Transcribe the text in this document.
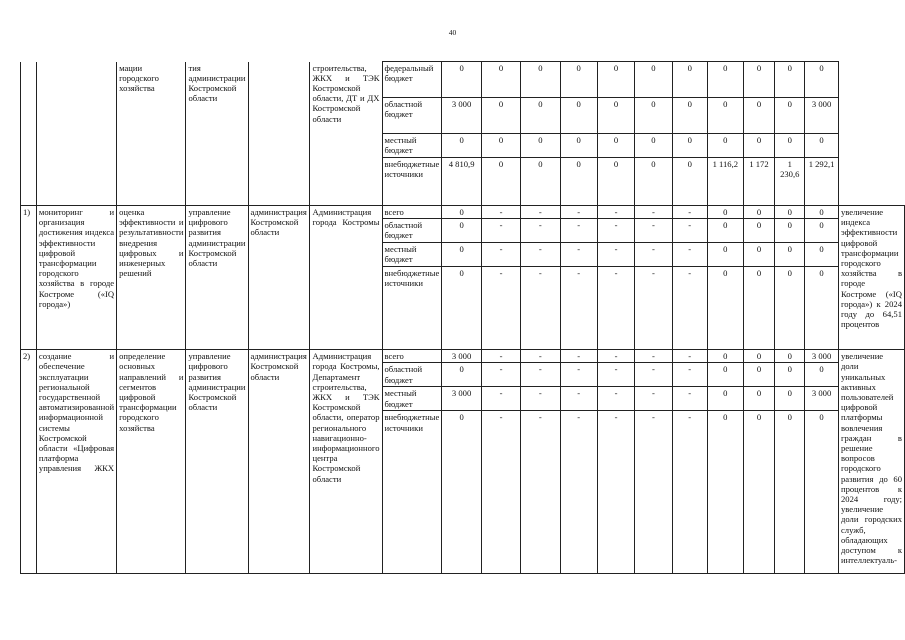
40
		мации городского хозяйства	тия администрации Костромской области		строительства, ЖКХ и ТЭК Костромской области, ДТ и ДХ Костромской области	федеральный бюджет	0	0	0	0	0	0	0	0	0	0	0	
						областной бюджет	3 000	0	0	0	0	0	0	0	0	0	3 000	
						местный бюджет	0	0	0	0	0	0	0	0	0	0	0	
						внебюджетные источники	4 810,9	0	0	0	0	0	0	1 116,2	1 172	1 230,6	1 292,1	
1)	мониторинг и организация достижения индекса эффективности цифровой трансформации городского хозяйства в городе Костроме («IQ города»)	оценка эффективности и результативности внедрения цифровых и инженерных решений	управление цифрового развития администрации Костромской области	администрация Костромской области	Администрация города Костромы	всего	0	-	-	-	-	-	-	0	0	0	0	увеличение индекса эффективности цифровой трансформации городского хозяйства в городе Костроме («IQ города») к 2024 году до 64,51 процентов
						областной бюджет	0	-	-	-	-	-	-	0	0	0	0	
						местный бюджет	0	-	-	-	-	-	-	0	0	0	0	
						внебюджетные источники	0	-	-	-	-	-	-	0	0	0	0	
2)	создание и обеспечение эксплуатации региональной государственной автоматизированной информационной системы Костромской области «Цифровая платформа управления ЖКХ	определение основных направлений и сегментов цифровой трансформации городского хозяйства	управление цифрового развития администрации Костромской области	администрация Костромской области	Администрация города Костромы, Департамент строительства, ЖКХ и ТЭК Костромской области, оператор регионального навигационно-информационного центра Костромской области	всего	3 000	-	-	-	-	-	-	0	0	0	3 000	увеличение доли уникальных активных пользователей цифровой платформы вовлечения граждан в решение вопросов городского развития до 60 процентов к 2024 году; увеличение доли городских служб, обладающих доступом к интеллектуаль-
						областной бюджет	0	-	-	-	-	-	-	0	0	0	0	
						местный бюджет	3 000	-	-	-	-	-	-	0	0	0	3 000	
						внебюджетные источники	0	-	-	-	-	-	-	0	0	0	0	
